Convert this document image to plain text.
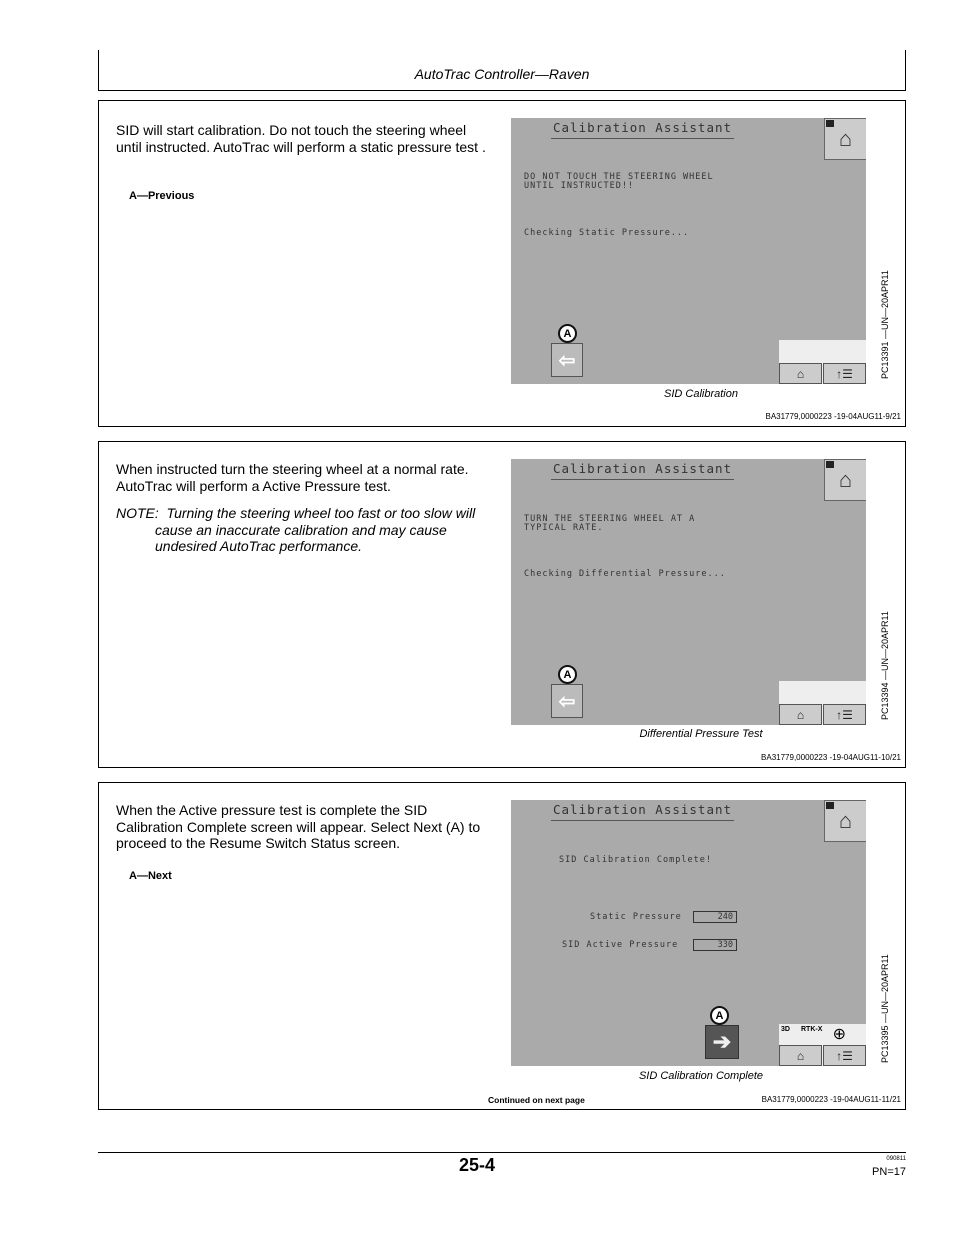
AutoTrac Controller—Raven
SID will start calibration. Do not touch the steering wheel until instructed. AutoTrac will perform a static pressure test .
A—Previous
Calibration Assistant
DO NOT TOUCH THE STEERING WHEEL
UNTIL INSTRUCTED!!
Checking Static Pressure...
⌂
A
⇦
⌂	↑☰	PC13391 —UN—20APR11
SID Calibration
BA31779,0000223 -19-04AUG11-9/21
When instructed turn the steering wheel at a normal rate. AutoTrac will perform a Active Pressure test.
NOTE:  Turning the steering wheel too fast or too slow will cause an inaccurate calibration and may cause undesired AutoTrac performance.
Calibration Assistant
TURN THE STEERING WHEEL AT A
TYPICAL RATE.
Checking Differential Pressure...
⌂
A
⇦
⌂	↑☰	PC13394 —UN—20APR11
Differential Pressure Test
BA31779,0000223 -19-04AUG11-10/21
When the Active pressure test is complete the SID Calibration Complete screen will appear. Select Next (A) to proceed to the Resume Switch Status screen.
A—Next
Calibration Assistant
SID Calibration Complete!
Static Pressure	240
SID Active Pressure	330
⌂
A
➔	3D RTK-X ⊕
⌂	↑☰	PC13395 —UN—20APR11
SID Calibration Complete
Continued on next page	BA31779,0000223 -19-04AUG11-11/21
25-4	090811
PN=17
